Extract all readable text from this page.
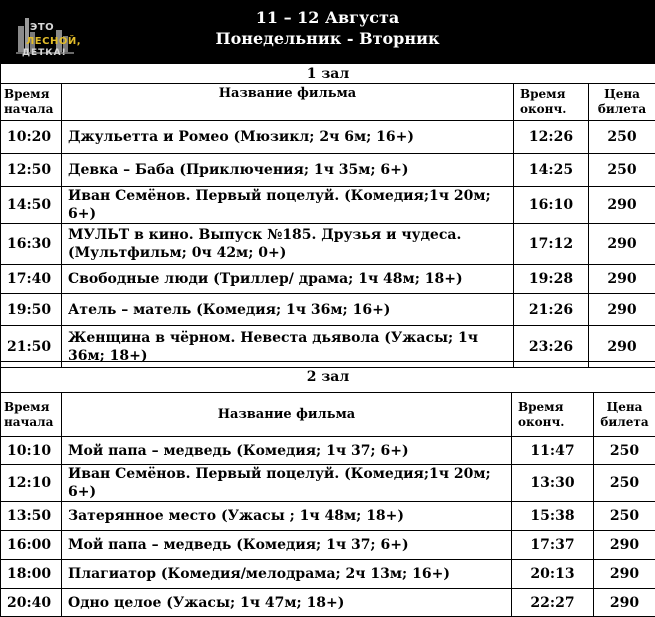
ЭТО
ЛЕСНОЙ,
ДЕТКА!
11 – 12 Августа
Понедельник - Вторник
1 зал			
Время начала	Название фильма	Время оконч.	Цена билета
10:20	Джульетта и Ромео (Мюзикл; 2ч 6м; 16+)	12:26	250
12:50	Девка – Баба (Приключения; 1ч 35м; 6+)	14:25	250
14:50	Иван Семёнов. Первый поцелуй. (Комедия;1ч 20м; 6+)	16:10	290
16:30	МУЛЬТ в кино. Выпуск №185. Друзья и чудеса. (Мультфильм; 0ч 42м; 0+)	17:12	290
17:40	Свободные люди (Триллер/ драма; 1ч 48м; 18+)	19:28	290
19:50	Атель – матель (Комедия; 1ч 36м; 16+)	21:26	290
21:50	Женщина в чёрном. Невеста дьявола (Ужасы; 1ч 36м; 18+)	23:26	290
2 зал			
Время начала	Название фильма	Время оконч.	Цена билета
10:10	Мой папа – медведь (Комедия; 1ч 37; 6+)	11:47	250
12:10	Иван Семёнов. Первый поцелуй. (Комедия;1ч 20м; 6+)	13:30	250
13:50	Затерянное место (Ужасы ; 1ч 48м; 18+)	15:38	250
16:00	Мой папа – медведь (Комедия; 1ч 37; 6+)	17:37	290
18:00	Плагиатор (Комедия/мелодрама; 2ч 13м; 16+)	20:13	290
20:40	Одно целое (Ужасы; 1ч 47м; 18+)	22:27	290
